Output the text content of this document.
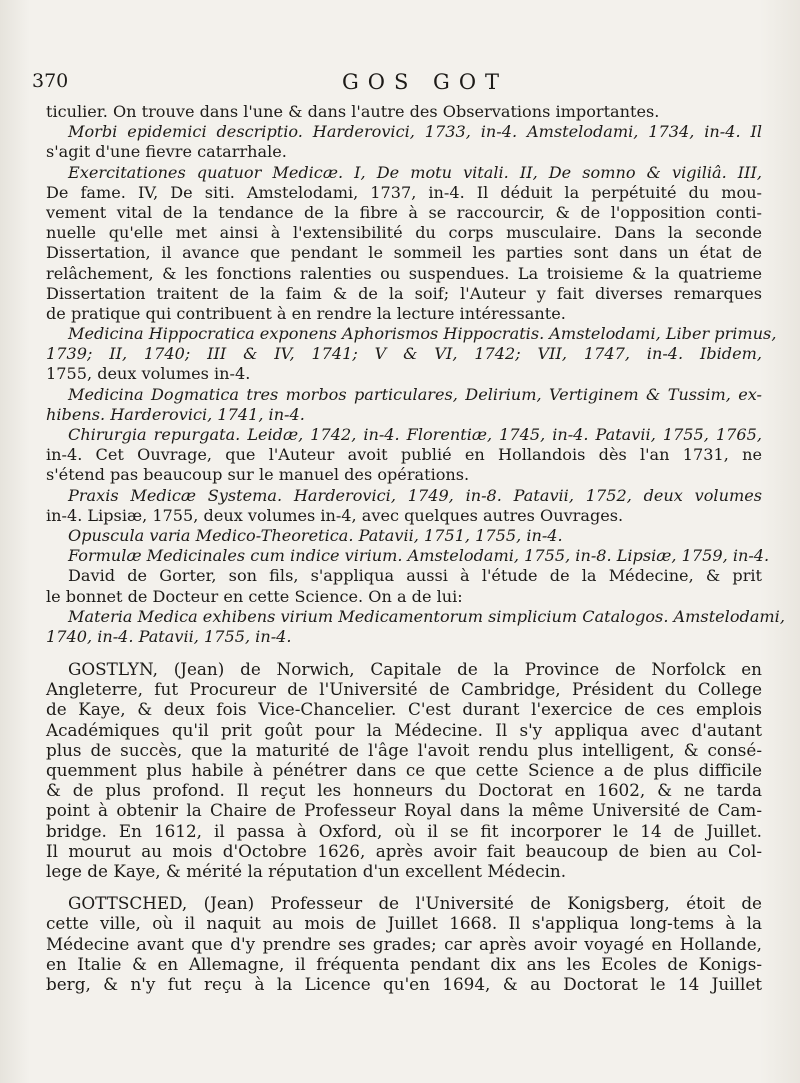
370	GOS GOT
ticulier. On trouve dans l'une & dans l'autre des Observations importantes.
Morbi epidemici descriptio. Harderovici, 1733, in-4. Amstelodami, 1734, in-4. Il
s'agit d'une fievre catarrhale.
Exercitationes quatuor Medicæ. I, De motu vitali. II, De somno & vigiliâ. III,
De fame. IV, De siti. Amstelodami, 1737, in-4. Il déduit la perpétuité du mou-
vement vital de la tendance de la fibre à se raccourcir, & de l'opposition conti-
nuelle qu'elle met ainsi à l'extensibilité du corps musculaire. Dans la seconde
Dissertation, il avance que pendant le sommeil les parties sont dans un état de
relâchement, & les fonctions ralenties ou suspendues. La troisieme & la quatrieme
Dissertation traitent de la faim & de la soif; l'Auteur y fait diverses remarques
de pratique qui contribuent à en rendre la lecture intéressante.
Medicina Hippocratica exponens Aphorismos Hippocratis. Amstelodami, Liber primus,
1739; II, 1740; III & IV, 1741; V & VI, 1742; VII, 1747, in-4. Ibidem,
1755, deux volumes in-4.
Medicina Dogmatica tres morbos particulares, Delirium, Vertiginem & Tussim, ex-
hibens. Harderovici, 1741, in-4.
Chirurgia repurgata. Leidæ, 1742, in-4. Florentiæ, 1745, in-4. Patavii, 1755, 1765,
in-4. Cet Ouvrage, que l'Auteur avoit publié en Hollandois dès l'an 1731, ne
s'étend pas beaucoup sur le manuel des opérations.
Praxis Medicæ Systema. Harderovici, 1749, in-8. Patavii, 1752, deux volumes
in-4. Lipsiæ, 1755, deux volumes in-4, avec quelques autres Ouvrages.
Opuscula varia Medico-Theoretica. Patavii, 1751, 1755, in-4.
Formulæ Medicinales cum indice virium. Amstelodami, 1755, in-8. Lipsiæ, 1759, in-4.
David de Gorter, son fils, s'appliqua aussi à l'étude de la Médecine, & prit
le bonnet de Docteur en cette Science. On a de lui:
Materia Medica exhibens virium Medicamentorum simplicium Catalogos. Amstelodami,
1740, in-4. Patavii, 1755, in-4.
GOSTLYN, (Jean) de Norwich, Capitale de la Province de Norfolck en
Angleterre, fut Procureur de l'Université de Cambridge, Président du College
de Kaye, & deux fois Vice-Chancelier. C'est durant l'exercice de ces emplois
Académiques qu'il prit goût pour la Médecine. Il s'y appliqua avec d'autant
plus de succès, que la maturité de l'âge l'avoit rendu plus intelligent, & consé-
quemment plus habile à pénétrer dans ce que cette Science a de plus difficile
& de plus profond. Il reçut les honneurs du Doctorat en 1602, & ne tarda
point à obtenir la Chaire de Professeur Royal dans la même Université de Cam-
bridge. En 1612, il passa à Oxford, où il se fit incorporer le 14 de Juillet.
Il mourut au mois d'Octobre 1626, après avoir fait beaucoup de bien au Col-
lege de Kaye, & mérité la réputation d'un excellent Médecin.
GOTTSCHED, (Jean) Professeur de l'Université de Konigsberg, étoit de
cette ville, où il naquit au mois de Juillet 1668. Il s'appliqua long-tems à la
Médecine avant que d'y prendre ses grades; car après avoir voyagé en Hollande,
en Italie & en Allemagne, il fréquenta pendant dix ans les Ecoles de Konigs-
berg, & n'y fut reçu à la Licence qu'en 1694, & au Doctorat le 14 Juillet
